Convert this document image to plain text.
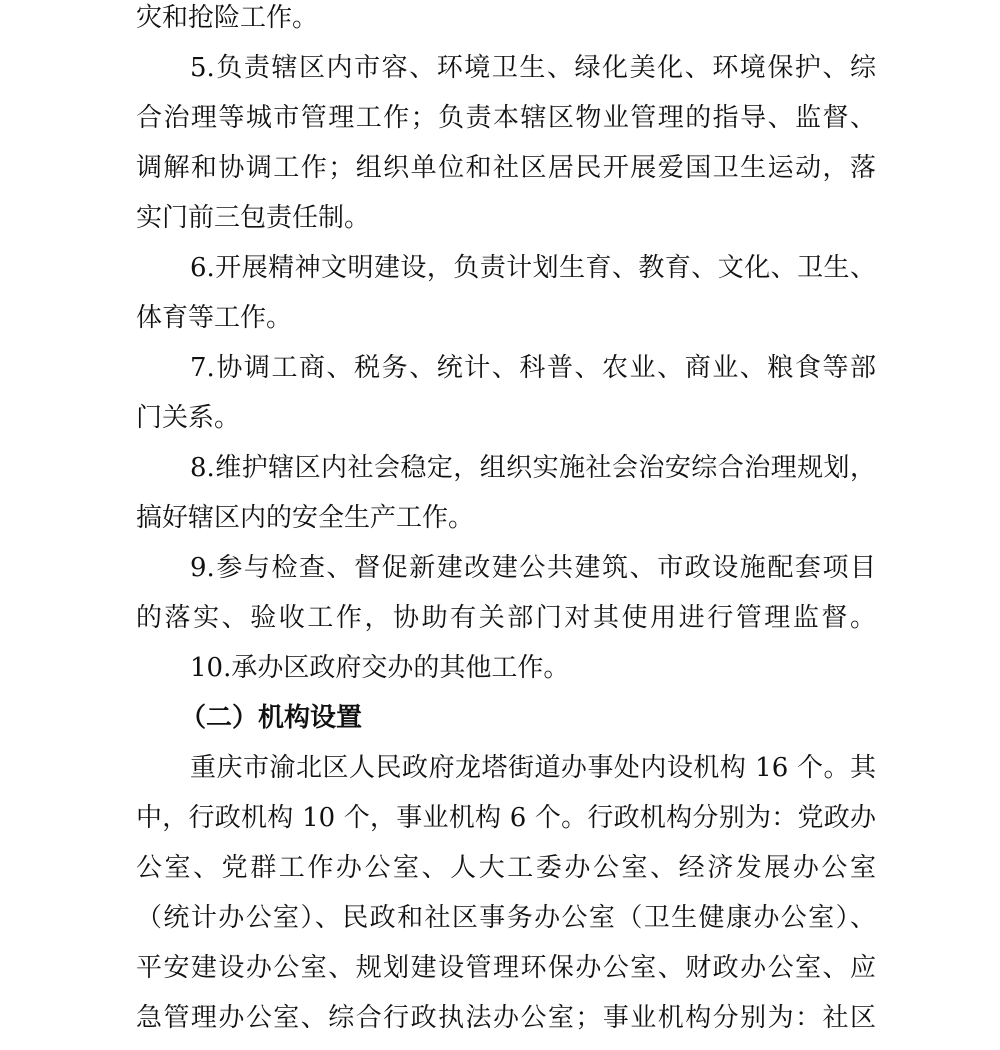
灾和抢险工作。
5.负责辖区内市容、环境卫生、绿化美化、环境保护、综
合治理等城市管理工作；负责本辖区物业管理的指导、监督、
调解和协调工作；组织单位和社区居民开展爱国卫生运动，落
实门前三包责任制。
6.开展精神文明建设，负责计划生育、教育、文化、卫生、
体育等工作。
7.协调工商、税务、统计、科普、农业、商业、粮食等部
门关系。
8.维护辖区内社会稳定，组织实施社会治安综合治理规划，
搞好辖区内的安全生产工作。
9.参与检查、督促新建改建公共建筑、市政设施配套项目
的落实、验收工作，协助有关部门对其使用进行管理监督。
10.承办区政府交办的其他工作。
（二）机构设置
重庆市渝北区人民政府龙塔街道办事处内设机构 16 个。其
中，行政机构 10 个，事业机构 6 个。行政机构分别为：党政办
公室、党群工作办公室、人大工委办公室、经济发展办公室
（统计办公室）、民政和社区事务办公室（卫生健康办公室）、
平安建设办公室、规划建设管理环保办公室、财政办公室、应
急管理办公室、综合行政执法办公室；事业机构分别为：社区
